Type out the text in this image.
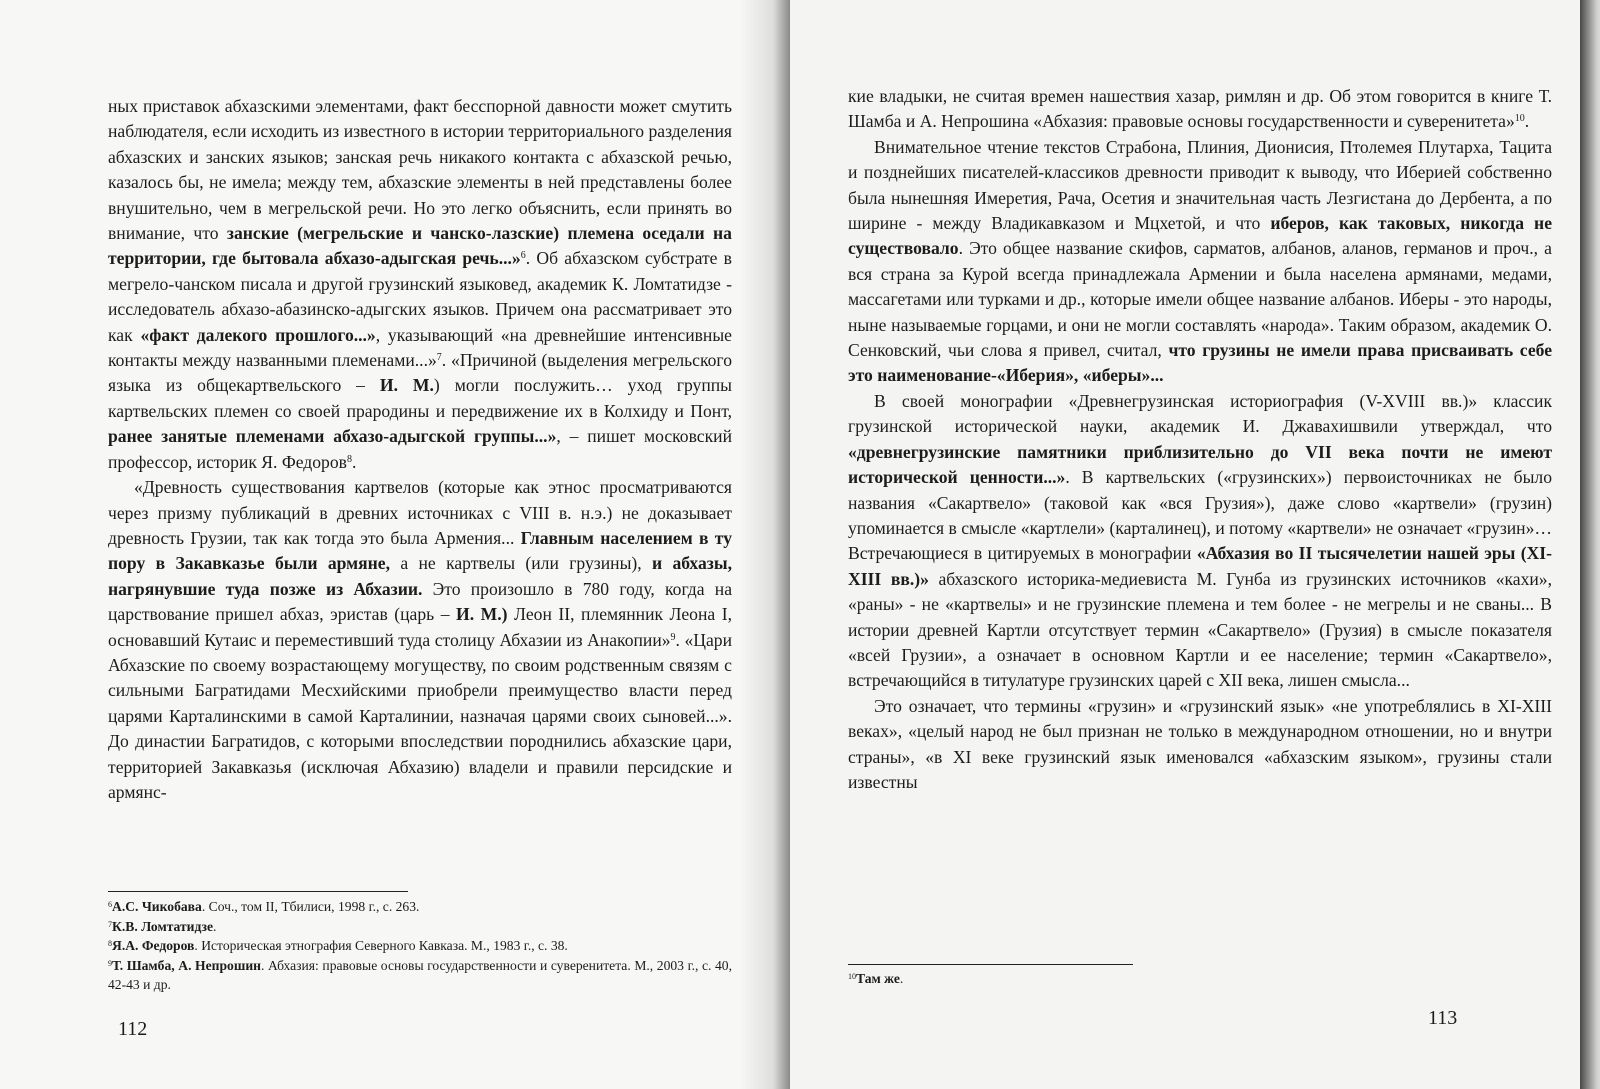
ных приставок абхазскими элементами, факт бесспорной давности может смутить наблюдателя, если исходить из известного в истории территориального разделения абхазских и занских языков; занская речь никакого контакта с абхазской речью, казалось бы, не имела; между тем, абхазские элементы в ней представлены более внушительно, чем в мегрельской речи. Но это легко объяснить, если принять во внимание, что занские (мегрельские и чанско-лазские) племена оседали на территории, где бытовала абхазо-адыгская речь...»$^6$. Об абхазском субстрате в мегрело-чанском писала и другой грузинский языковед, академик К. Ломтатидзе - исследователь абхазо-абазинско-адыгских языков. Причем она рассматривает это как «факт далекого прошлого...», указывающий «на древнейшие интенсивные контакты между названными племенами...»$^7$. «Причиной (выделения мегрельского языка из общекартвельского – И. М.) могли послужить… уход группы картвельских племен со своей прародины и передвижение их в Колхиду и Понт, ранее занятые племенами абхазо-адыгской группы...», – пишет московский профессор, историк Я. Федоров$^8$.

«Древность существования картвелов (которые как этнос просматриваются через призму публикаций в древних источниках с VIII в. н.э.) не доказывает древность Грузии, так как тогда это была Армения... Главным населением в ту пору в Закавказье были армяне, а не картвелы (или грузины), и абхазы, нагрянувшие туда позже из Абхазии. Это произошло в 780 году, когда на царствование пришел абхаз, эристав (царь – И. М.) Леон II, племянник Леона I, основавший Кутаис и переместивший туда столицу Абхазии из Анакопии»$^9$. «Цари Абхазские по своему возрастающему могуществу, по своим родственным связям с сильными Багратидами Месхийскими приобрели преимущество власти перед царями Карталинскими в самой Карталинии, назначая царями своих сыновей...». До династии Багратидов, с которыми впоследствии породнились абхазские цари, территорией Закавказья (исключая Абхазию) владели и правили персидские и армянс-

$^6$А.С. Чикобава. Соч., том II, Тбилиси, 1998 г., с. 263.

$^7$К.В. Ломтатидзе.

$^8$Я.А. Федоров. Историческая этнография Северного Кавказа. М., 1983 г., с. 38.

$^9$Т. Шамба, А. Непрошин. Абхазия: правовые основы государственности и суверенитета. М., 2003 г., с. 40, 42-43 и др.

112

кие владыки, не считая времен нашествия хазар, римлян и др. Об этом говорится в книге Т. Шамба и А. Непрошина «Абхазия: правовые основы государственности и суверенитета»$^{10}$.

Внимательное чтение текстов Страбона, Плиния, Дионисия, Птолемея Плутарха, Тацита и позднейших писателей-классиков древности приводит к выводу, что Иберией собственно была нынешняя Имеретия, Рача, Осетия и значительная часть Лезгистана до Дербента, а по ширине - между Владикавказом и Мцхетой, и что иберов, как таковых, никогда не существовало. Это общее название скифов, сарматов, албанов, аланов, германов и проч., а вся страна за Курой всегда принадлежала Армении и была населена армянами, медами, массагетами или турками и др., которые имели общее название албанов. Иберы - это народы, ныне называемые горцами, и они не могли составлять «народа». Таким образом, академик О. Сенковский, чьи слова я привел, считал, что грузины не имели права присваивать себе это наименование-«Иберия», «иберы»...

В своей монографии «Древнегрузинская историография (V-XVIII вв.)» классик грузинской исторической науки, академик И. Джавахишвили утверждал, что «древнегрузинские памятники приблизительно до VII века почти не имеют исторической ценности...». В картвельских («грузинских») первоисточниках не было названия «Сакартвело» (таковой как «вся Грузия»), даже слово «картвели» (грузин) упоминается в смысле «картлели» (карталинец), и потому «картвели» не означает «грузин»… Встречающиеся в цитируемых в монографии «Абхазия во II тысячелетии нашей эры (XI-XIII вв.)» абхазского историка-медиевиста М. Гунба из грузинских источников «кахи», «раны» - не «картвелы» и не грузинские племена и тем более - не мегрелы и не сваны... В истории древней Картли отсутствует термин «Сакартвело» (Грузия) в смысле показателя «всей Грузии», а означает в основном Картли и ее население; термин «Сакартвело», встречающийся в титулатуре грузинских царей с XII века, лишен смысла...

Это означает, что термины «грузин» и «грузинский язык» «не употреблялись в XI-XIII веках», «целый народ не был признан не только в международном отношении, но и внутри страны», «в XI веке грузинский язык именовался «абхазским языком», грузины стали известны

$^{10}$Там же.

113
